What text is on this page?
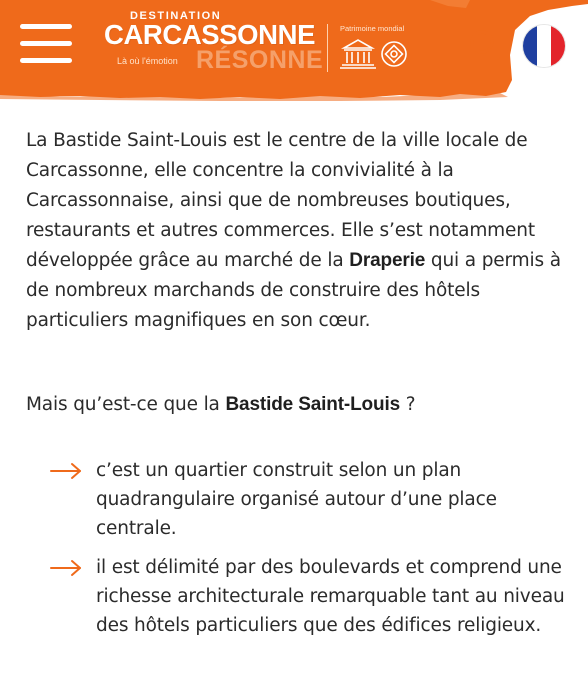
DESTINATION
CARCASSONNE
Là où l'émotion RÉSONNE
Patrimoine mondial

La Bastide Saint-Louis est le centre de la ville locale de Carcassonne, elle concentre la convivialité à la Carcassonnaise, ainsi que de nombreuses boutiques, restaurants et autres commerces. Elle s’est notamment développée grâce au marché de la Draperie qui a permis à de nombreux marchands de construire des hôtels particuliers magnifiques en son cœur.

Mais qu’est-ce que la Bastide Saint-Louis ?

c’est un quartier construit selon un plan quadrangulaire organisé autour d’une place centrale.
il est délimité par des boulevards et comprend une richesse architecturale remarquable tant au niveau des hôtels particuliers que des édifices religieux.
